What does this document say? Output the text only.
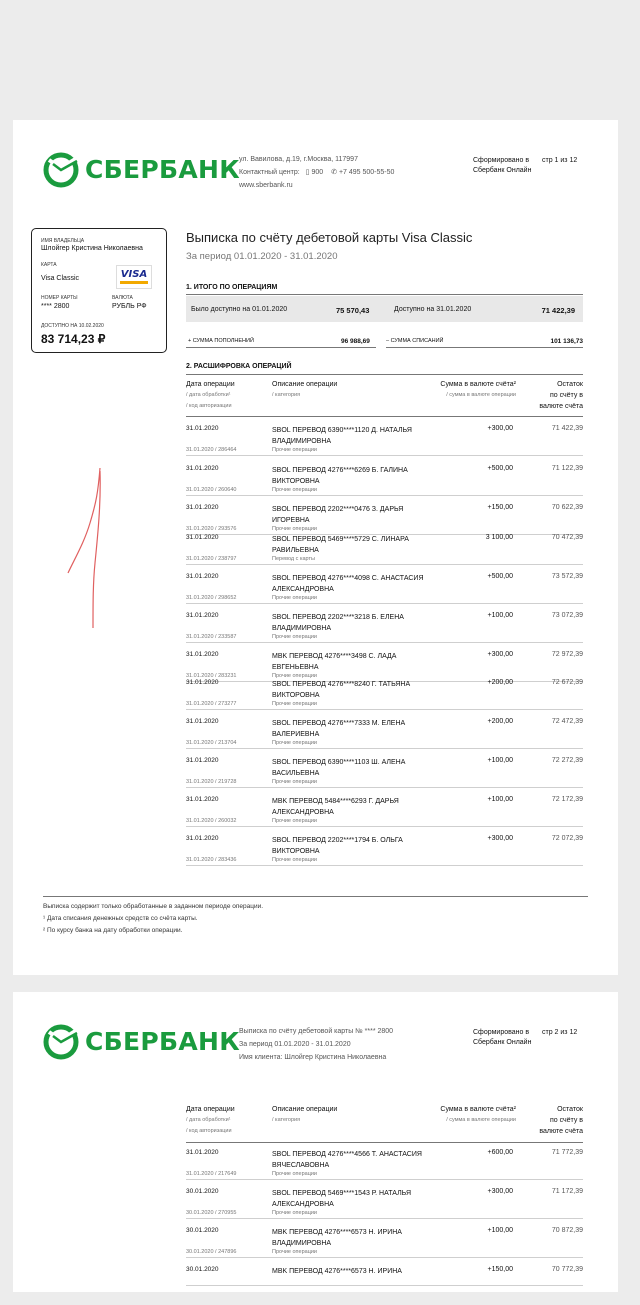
СБЕРБАНК ул. Вавилова, д.19, г.Москва, 117997
Контактный центр: ▯ 900 ✆ +7 495 500-55-50
www.sberbank.ru
Сформировано в
Сбербанк Онлайн
стр 1 из 12
ИМЯ ВЛАДЕЛЬЦА
Шлойгер Кристина Николаевна
КАРТА
Visa Classic	VISA
НОМЕР КАРТЫ
**** 2800
ВАЛЮТА
РУБЛЬ РФ
ДОСТУПНО НА 10.02.2020
83 714,23 ₽
Выписка по счёту дебетовой карты Visa Classic
За период 01.01.2020 - 31.01.2020
1. ИТОГО ПО ОПЕРАЦИЯМ
Было доступно на 01.01.2020	75 570,43	Доступно на 31.01.2020	71 422,39
+ СУММА ПОПОЛНЕНИЙ	96 988,69	– СУММА СПИСАНИЙ	101 136,73
2. РАСШИФРОВКА ОПЕРАЦИЙ
Дата операции
/ дата обработки¹
/ код авторизации
Описание операции
/ категория
Сумма в валюте счёта²
/ сумма в валюте операции
Остаток
по счёту в
валюте счёта
31.01.2020
31.01.2020 / 286464
SBOL ПЕРЕВОД 6390****1120 Д. НАТАЛЬЯ ВЛАДИМИРОВНА
Прочие операции
+300,00	71 422,39
31.01.2020
31.01.2020 / 260640
SBOL ПЕРЕВОД 4276****6269 Б. ГАЛИНА ВИКТОРОВНА
Прочие операции
+500,00	71 122,39
31.01.2020
31.01.2020 / 293576
SBOL ПЕРЕВОД 2202****0476 З. ДАРЬЯ ИГОРЕВНА
Прочие операции
+150,00	70 622,39
31.01.2020
31.01.2020 / 238797
SBOL ПЕРЕВОД 5469****5729 С. ЛИНАРА РАВИЛЬЕВНА
Перевод с карты
3 100,00	70 472,39
31.01.2020
31.01.2020 / 298652
SBOL ПЕРЕВОД 4276****4098 С. АНАСТАСИЯ АЛЕКСАНДРОВНА
Прочие операции
+500,00	73 572,39
31.01.2020
31.01.2020 / 233587
SBOL ПЕРЕВОД 2202****3218 Б. ЕЛЕНА ВЛАДИМИРОВНА
Прочие операции
+100,00	73 072,39
31.01.2020
31.01.2020 / 283231
MBK ПЕРЕВОД 4276****3498 С. ЛАДА ЕВГЕНЬЕВНА
Прочие операции
+300,00	72 972,39
31.01.2020
31.01.2020 / 273277
SBOL ПЕРЕВОД 4276****8240 Г. ТАТЬЯНА ВИКТОРОВНА
Прочие операции
+200,00	72 672,39
31.01.2020
31.01.2020 / 213704
SBOL ПЕРЕВОД 4276****7333 М. ЕЛЕНА ВАЛЕРИЕВНА
Прочие операции
+200,00	72 472,39
31.01.2020
31.01.2020 / 219728
SBOL ПЕРЕВОД 6390****1103 Ш. АЛЕНА ВАСИЛЬЕВНА
Прочие операции
+100,00	72 272,39
31.01.2020
31.01.2020 / 260032
MBK ПЕРЕВОД 5484****6293 Г. ДАРЬЯ АЛЕКСАНДРОВНА
Прочие операции
+100,00	72 172,39
31.01.2020
31.01.2020 / 283436
SBOL ПЕРЕВОД 2202****1794 Б. ОЛЬГА ВИКТОРОВНА
Прочие операции
+300,00	72 072,39
Выписка содержит только обработанные в заданном периоде операции.
¹ Дата списания денежных средств со счёта карты.
² По курсу банка на дату обработки операции.
СБЕРБАНК Выписка по счёту дебетовой карты № **** 2800
За период 01.01.2020 - 31.01.2020
Имя клиента: Шлойгер Кристина Николаевна
Сформировано в
Сбербанк Онлайн
стр 2 из 12
Дата операции
/ дата обработки¹
/ код авторизации
Описание операции
/ категория
Сумма в валюте счёта²
/ сумма в валюте операции
Остаток
по счёту в
валюте счёта
31.01.2020
31.01.2020 / 217649
SBOL ПЕРЕВОД 4276****4566 Т. АНАСТАСИЯ ВЯЧЕСЛАВОВНА
Прочие операции
+600,00	71 772,39
30.01.2020
30.01.2020 / 270955
SBOL ПЕРЕВОД 5469****1543 Р. НАТАЛЬЯ АЛЕКСАНДРОВНА
Прочие операции
+300,00	71 172,39
30.01.2020
30.01.2020 / 247896
MBK ПЕРЕВОД 4276****6573 Н. ИРИНА ВЛАДИМИРОВНА
Прочие операции
+100,00	70 872,39
30.01.2020	MBK ПЕРЕВОД 4276****6573 Н. ИРИНА	+150,00	70 772,39
